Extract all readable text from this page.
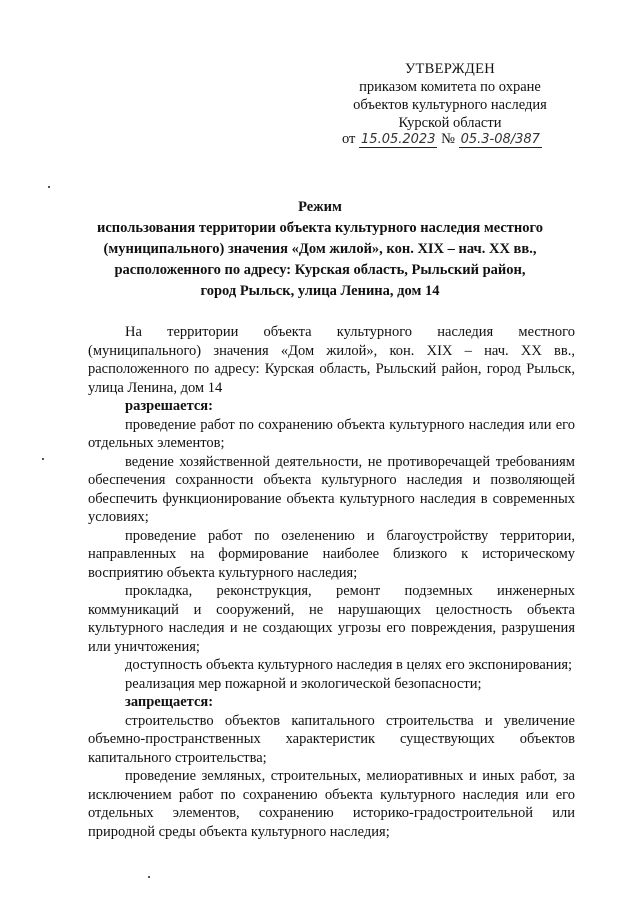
УТВЕРЖДЕН
приказом комитета по охране
объектов культурного наследия
Курской области
от 15.05.2023 № 05.3-08/387
Режим
использования территории объекта культурного наследия местного
(муниципального) значения «Дом жилой», кон. XIX – нач. XX вв.,
расположенного по адресу: Курская область, Рыльский район,
город Рыльск, улица Ленина, дом 14

На территории объекта культурного наследия местного (муниципального) значения «Дом жилой», кон. XIX – нач. XX вв., расположенного по адресу: Курская область, Рыльский район, город Рыльск, улица Ленина, дом 14

разрешается:

проведение работ по сохранению объекта культурного наследия или его отдельных элементов;

ведение хозяйственной деятельности, не противоречащей требованиям обеспечения сохранности объекта культурного наследия и позволяющей обеспечить функционирование объекта культурного наследия в современных условиях;

проведение работ по озеленению и благоустройству территории, направленных на формирование наиболее близкого к историческому восприятию объекта культурного наследия;

прокладка, реконструкция, ремонт подземных инженерных коммуникаций и сооружений, не нарушающих целостность объекта культурного наследия и не создающих угрозы его повреждения, разрушения или уничтожения;

доступность объекта культурного наследия в целях его экспонирования;

реализация мер пожарной и экологической безопасности;

запрещается:

строительство объектов капитального строительства и увеличение объемно-пространственных характеристик существующих объектов капитального строительства;

проведение земляных, строительных, мелиоративных и иных работ, за исключением работ по сохранению объекта культурного наследия или его отдельных элементов, сохранению историко-градостроительной или природной среды объекта культурного наследия;
